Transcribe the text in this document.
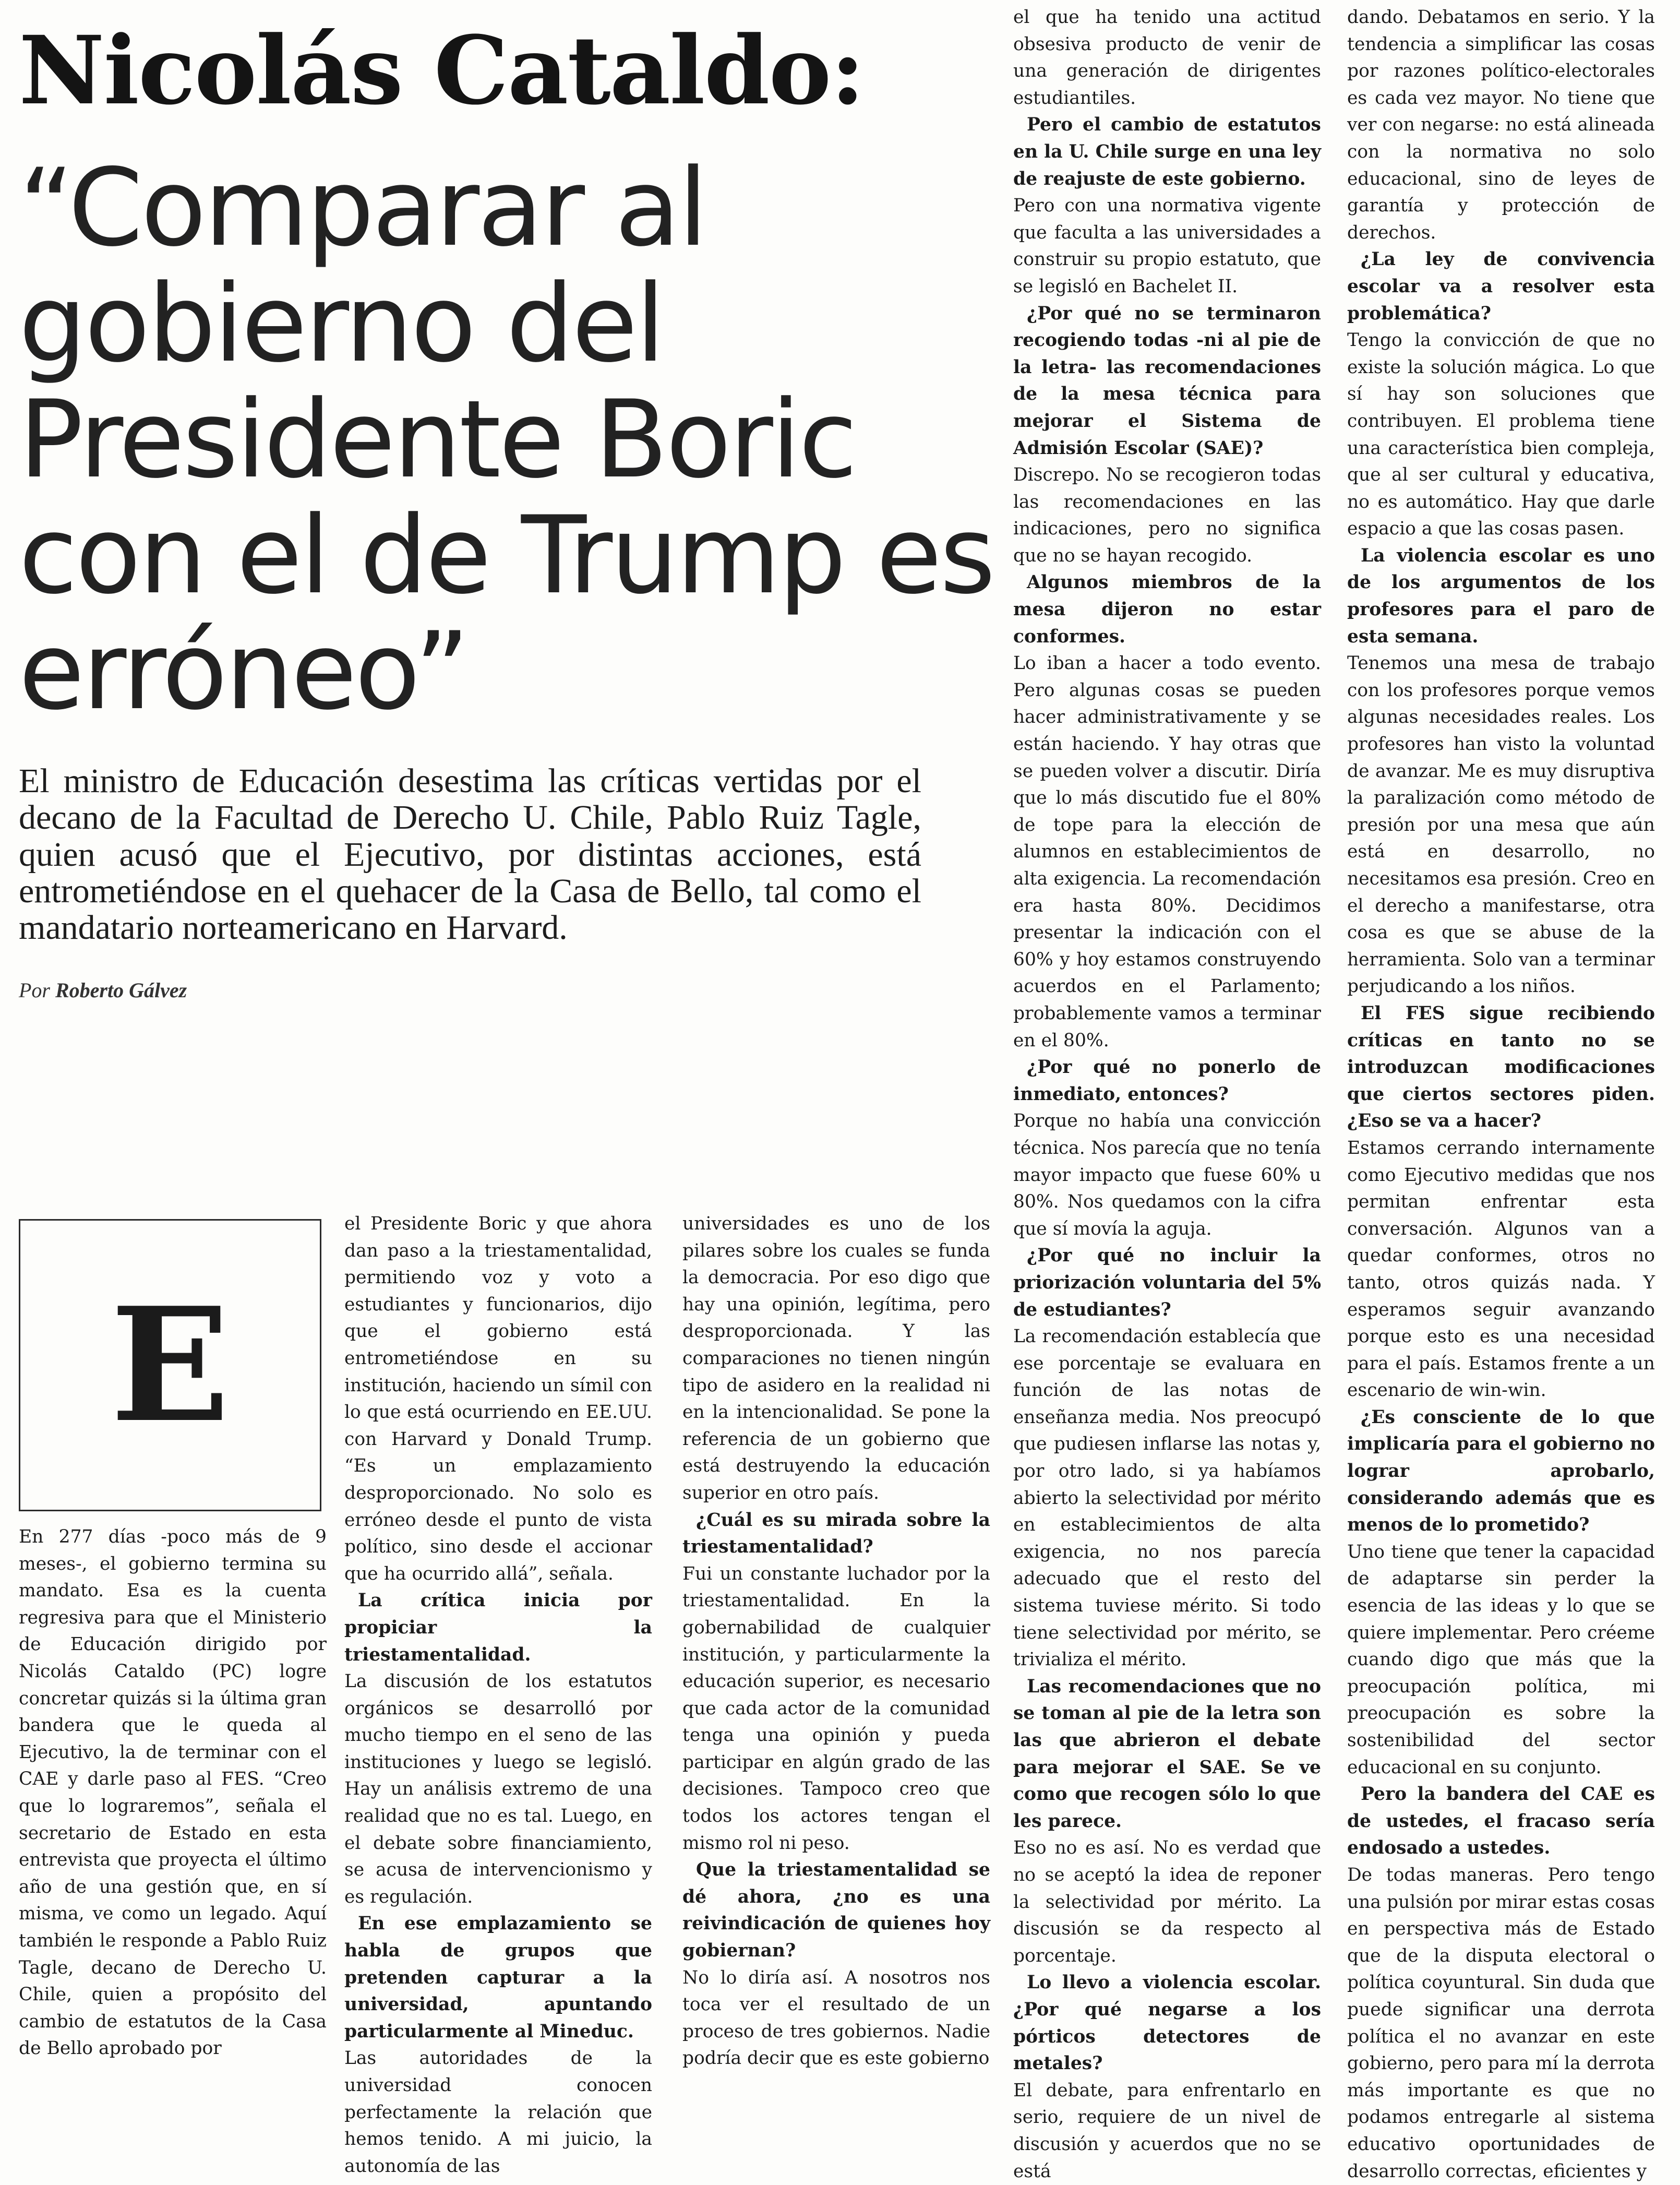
Nicolás Cataldo:
“Comparar al gobierno del Presidente Boric con el de Trump es erróneo”

El ministro de Educación desestima las críticas vertidas por el decano de la Facultad de Derecho U. Chile, Pablo Ruiz Tagle, quien acusó que el Ejecutivo, por distintas acciones, está entrometiéndose en el quehacer de la Casa de Bello, tal como el mandatario norteamericano en Harvard.

Por Roberto Gálvez

E

En 277 días -poco más de 9 meses-, el gobierno termina su mandato. Esa es la cuenta regresiva para que el Ministerio de Educación dirigido por Nicolás Cataldo (PC) logre concretar quizás si la última gran bandera que le queda al Ejecutivo, la de terminar con el CAE y darle paso al FES. “Creo que lo lograremos”, señala el secretario de Estado en esta entrevista que proyecta el último año de una gestión que, en sí misma, ve como un legado. Aquí también le responde a Pablo Ruiz Tagle, decano de Derecho U. Chile, quien a propósito del cambio de estatutos de la Casa de Bello aprobado por

el Presidente Boric y que ahora dan paso a la triestamentalidad, permitiendo voz y voto a estudiantes y funcionarios, dijo que el gobierno está entrometiéndose en su institución, haciendo un símil con lo que está ocurriendo en EE.UU. con Harvard y Donald Trump. “Es un emplazamiento desproporcionado. No solo es erróneo desde el punto de vista político, sino desde el accionar que ha ocurrido allá”, señala.

La crítica inicia por propiciar la triestamentalidad.

La discusión de los estatutos orgánicos se desarrolló por mucho tiempo en el seno de las instituciones y luego se legisló. Hay un análisis extremo de una realidad que no es tal. Luego, en el debate sobre financiamiento, se acusa de intervencionismo y es regulación.

En ese emplazamiento se habla de grupos que pretenden capturar a la universidad, apuntando particularmente al Mineduc.

Las autoridades de la universidad conocen perfectamente la relación que hemos tenido. A mi juicio, la autonomía de las

universidades es uno de los pilares sobre los cuales se funda la democracia. Por eso digo que hay una opinión, legítima, pero desproporcionada. Y las comparaciones no tienen ningún tipo de asidero en la realidad ni en la intencionalidad. Se pone la referencia de un gobierno que está destruyendo la educación superior en otro país.

¿Cuál es su mirada sobre la triestamentalidad?

Fui un constante luchador por la triestamentalidad. En la gobernabilidad de cualquier institución, y particularmente la educación superior, es necesario que cada actor de la comunidad tenga una opinión y pueda participar en algún grado de las decisiones. Tampoco creo que todos los actores tengan el mismo rol ni peso.

Que la triestamentalidad se dé ahora, ¿no es una reivindicación de quienes hoy gobiernan?

No lo diría así. A nosotros nos toca ver el resultado de un proceso de tres gobiernos. Nadie podría decir que es este gobierno

el que ha tenido una actitud obsesiva producto de venir de una generación de dirigentes estudiantiles.

Pero el cambio de estatutos en la U. Chile surge en una ley de reajuste de este gobierno.

Pero con una normativa vigente que faculta a las universidades a construir su propio estatuto, que se legisló en Bachelet II.

¿Por qué no se terminaron recogiendo todas -ni al pie de la letra- las recomendaciones de la mesa técnica para mejorar el Sistema de Admisión Escolar (SAE)?

Discrepo. No se recogieron todas las recomendaciones en las indicaciones, pero no significa que no se hayan recogido.

Algunos miembros de la mesa dijeron no estar conformes.

Lo iban a hacer a todo evento. Pero algunas cosas se pueden hacer administrativamente y se están haciendo. Y hay otras que se pueden volver a discutir. Diría que lo más discutido fue el 80% de tope para la elección de alumnos en establecimientos de alta exigencia. La recomendación era hasta 80%. Decidimos presentar la indicación con el 60% y hoy estamos construyendo acuerdos en el Parlamento; probablemente vamos a terminar en el 80%.

¿Por qué no ponerlo de inmediato, entonces?

Porque no había una convicción técnica. Nos parecía que no tenía mayor impacto que fuese 60% u 80%. Nos quedamos con la cifra que sí movía la aguja.

¿Por qué no incluir la priorización voluntaria del 5% de estudiantes?

La recomendación establecía que ese porcentaje se evaluara en función de las notas de enseñanza media. Nos preocupó que pudiesen inflarse las notas y, por otro lado, si ya habíamos abierto la selectividad por mérito en establecimientos de alta exigencia, no nos parecía adecuado que el resto del sistema tuviese mérito. Si todo tiene selectividad por mérito, se trivializa el mérito.

Las recomendaciones que no se toman al pie de la letra son las que abrieron el debate para mejorar el SAE. Se ve como que recogen sólo lo que les parece.

Eso no es así. No es verdad que no se aceptó la idea de reponer la selectividad por mérito. La discusión se da respecto al porcentaje.

Lo llevo a violencia escolar. ¿Por qué negarse a los pórticos detectores de metales?

El debate, para enfrentarlo en serio, requiere de un nivel de discusión y acuerdos que no se está

dando. Debatamos en serio. Y la tendencia a simplificar las cosas por razones político-electorales es cada vez mayor. No tiene que ver con negarse: no está alineada con la normativa no solo educacional, sino de leyes de garantía y protección de derechos.

¿La ley de convivencia escolar va a resolver esta problemática?

Tengo la convicción de que no existe la solución mágica. Lo que sí hay son soluciones que contribuyen. El problema tiene una característica bien compleja, que al ser cultural y educativa, no es automático. Hay que darle espacio a que las cosas pasen.

La violencia escolar es uno de los argumentos de los profesores para el paro de esta semana.

Tenemos una mesa de trabajo con los profesores porque vemos algunas necesidades reales. Los profesores han visto la voluntad de avanzar. Me es muy disruptiva la paralización como método de presión por una mesa que aún está en desarrollo, no necesitamos esa presión. Creo en el derecho a manifestarse, otra cosa es que se abuse de la herramienta. Solo van a terminar perjudicando a los niños.

El FES sigue recibiendo críticas en tanto no se introduzcan modificaciones que ciertos sectores piden. ¿Eso se va a hacer?

Estamos cerrando internamente como Ejecutivo medidas que nos permitan enfrentar esta conversación. Algunos van a quedar conformes, otros no tanto, otros quizás nada. Y esperamos seguir avanzando porque esto es una necesidad para el país. Estamos frente a un escenario de win-win.

¿Es consciente de lo que implicaría para el gobierno no lograr aprobarlo, considerando además que es menos de lo prometido?

Uno tiene que tener la capacidad de adaptarse sin perder la esencia de las ideas y lo que se quiere implementar. Pero créeme cuando digo que más que la preocupación política, mi preocupación es sobre la sostenibilidad del sector educacional en su conjunto.

Pero la bandera del CAE es de ustedes, el fracaso sería endosado a ustedes.

De todas maneras. Pero tengo una pulsión por mirar estas cosas en perspectiva más de Estado que de la disputa electoral o política coyuntural. Sin duda que puede significar una derrota política el no avanzar en este gobierno, pero para mí la derrota más importante es que no podamos entregarle al sistema educativo oportunidades de desarrollo correctas, eficientes y
